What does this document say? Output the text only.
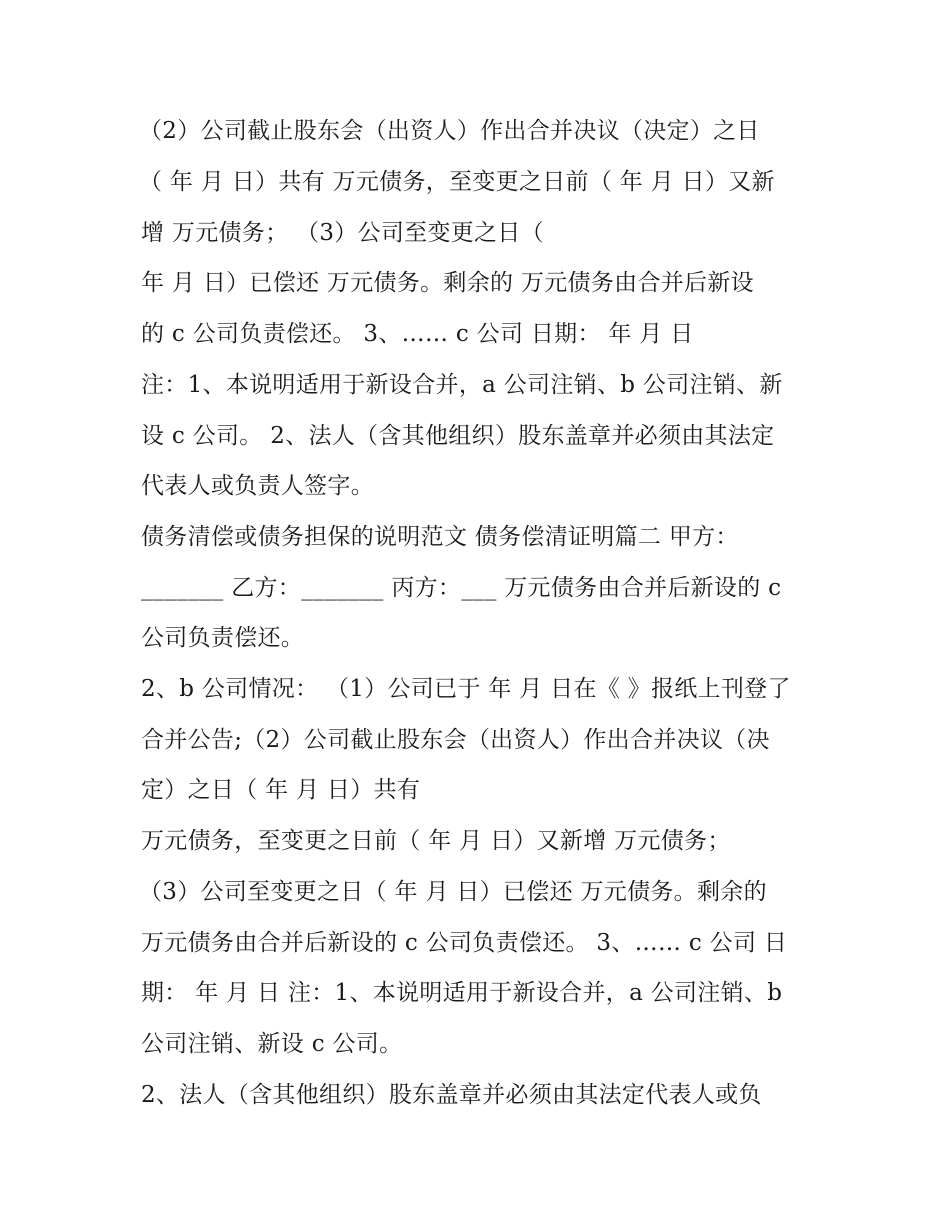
（2）公司截止股东会（出资人）作出合并决议（决定）之日
（ 年 月 日）共有 万元债务，至变更之日前（ 年 月 日）又新
增 万元债务； （3）公司至变更之日（
年 月 日）已偿还 万元债务。剩余的 万元债务由合并后新设
的 c 公司负责偿还。 3、…… c 公司 日期： 年 月 日
注：1、本说明适用于新设合并，a 公司注销、b 公司注销、新
设 c 公司。 2、法人（含其他组织）股东盖章并必须由其法定
代表人或负责人签字。
债务清偿或债务担保的说明范文 债务偿清证明篇二 甲方：
_______ 乙方：_______ 丙方：___ 万元债务由合并后新设的 c
公司负责偿还。
2、b 公司情况： （1）公司已于 年 月 日在《 》报纸上刊登了
合并公告;（2）公司截止股东会（出资人）作出合并决议（决
定）之日（ 年 月 日）共有
万元债务，至变更之日前（ 年 月 日）又新增 万元债务；
（3）公司至变更之日（ 年 月 日）已偿还 万元债务。剩余的
万元债务由合并后新设的 c 公司负责偿还。 3、…… c 公司 日
期： 年 月 日 注：1、本说明适用于新设合并，a 公司注销、b
公司注销、新设 c 公司。
2、法人（含其他组织）股东盖章并必须由其法定代表人或负
